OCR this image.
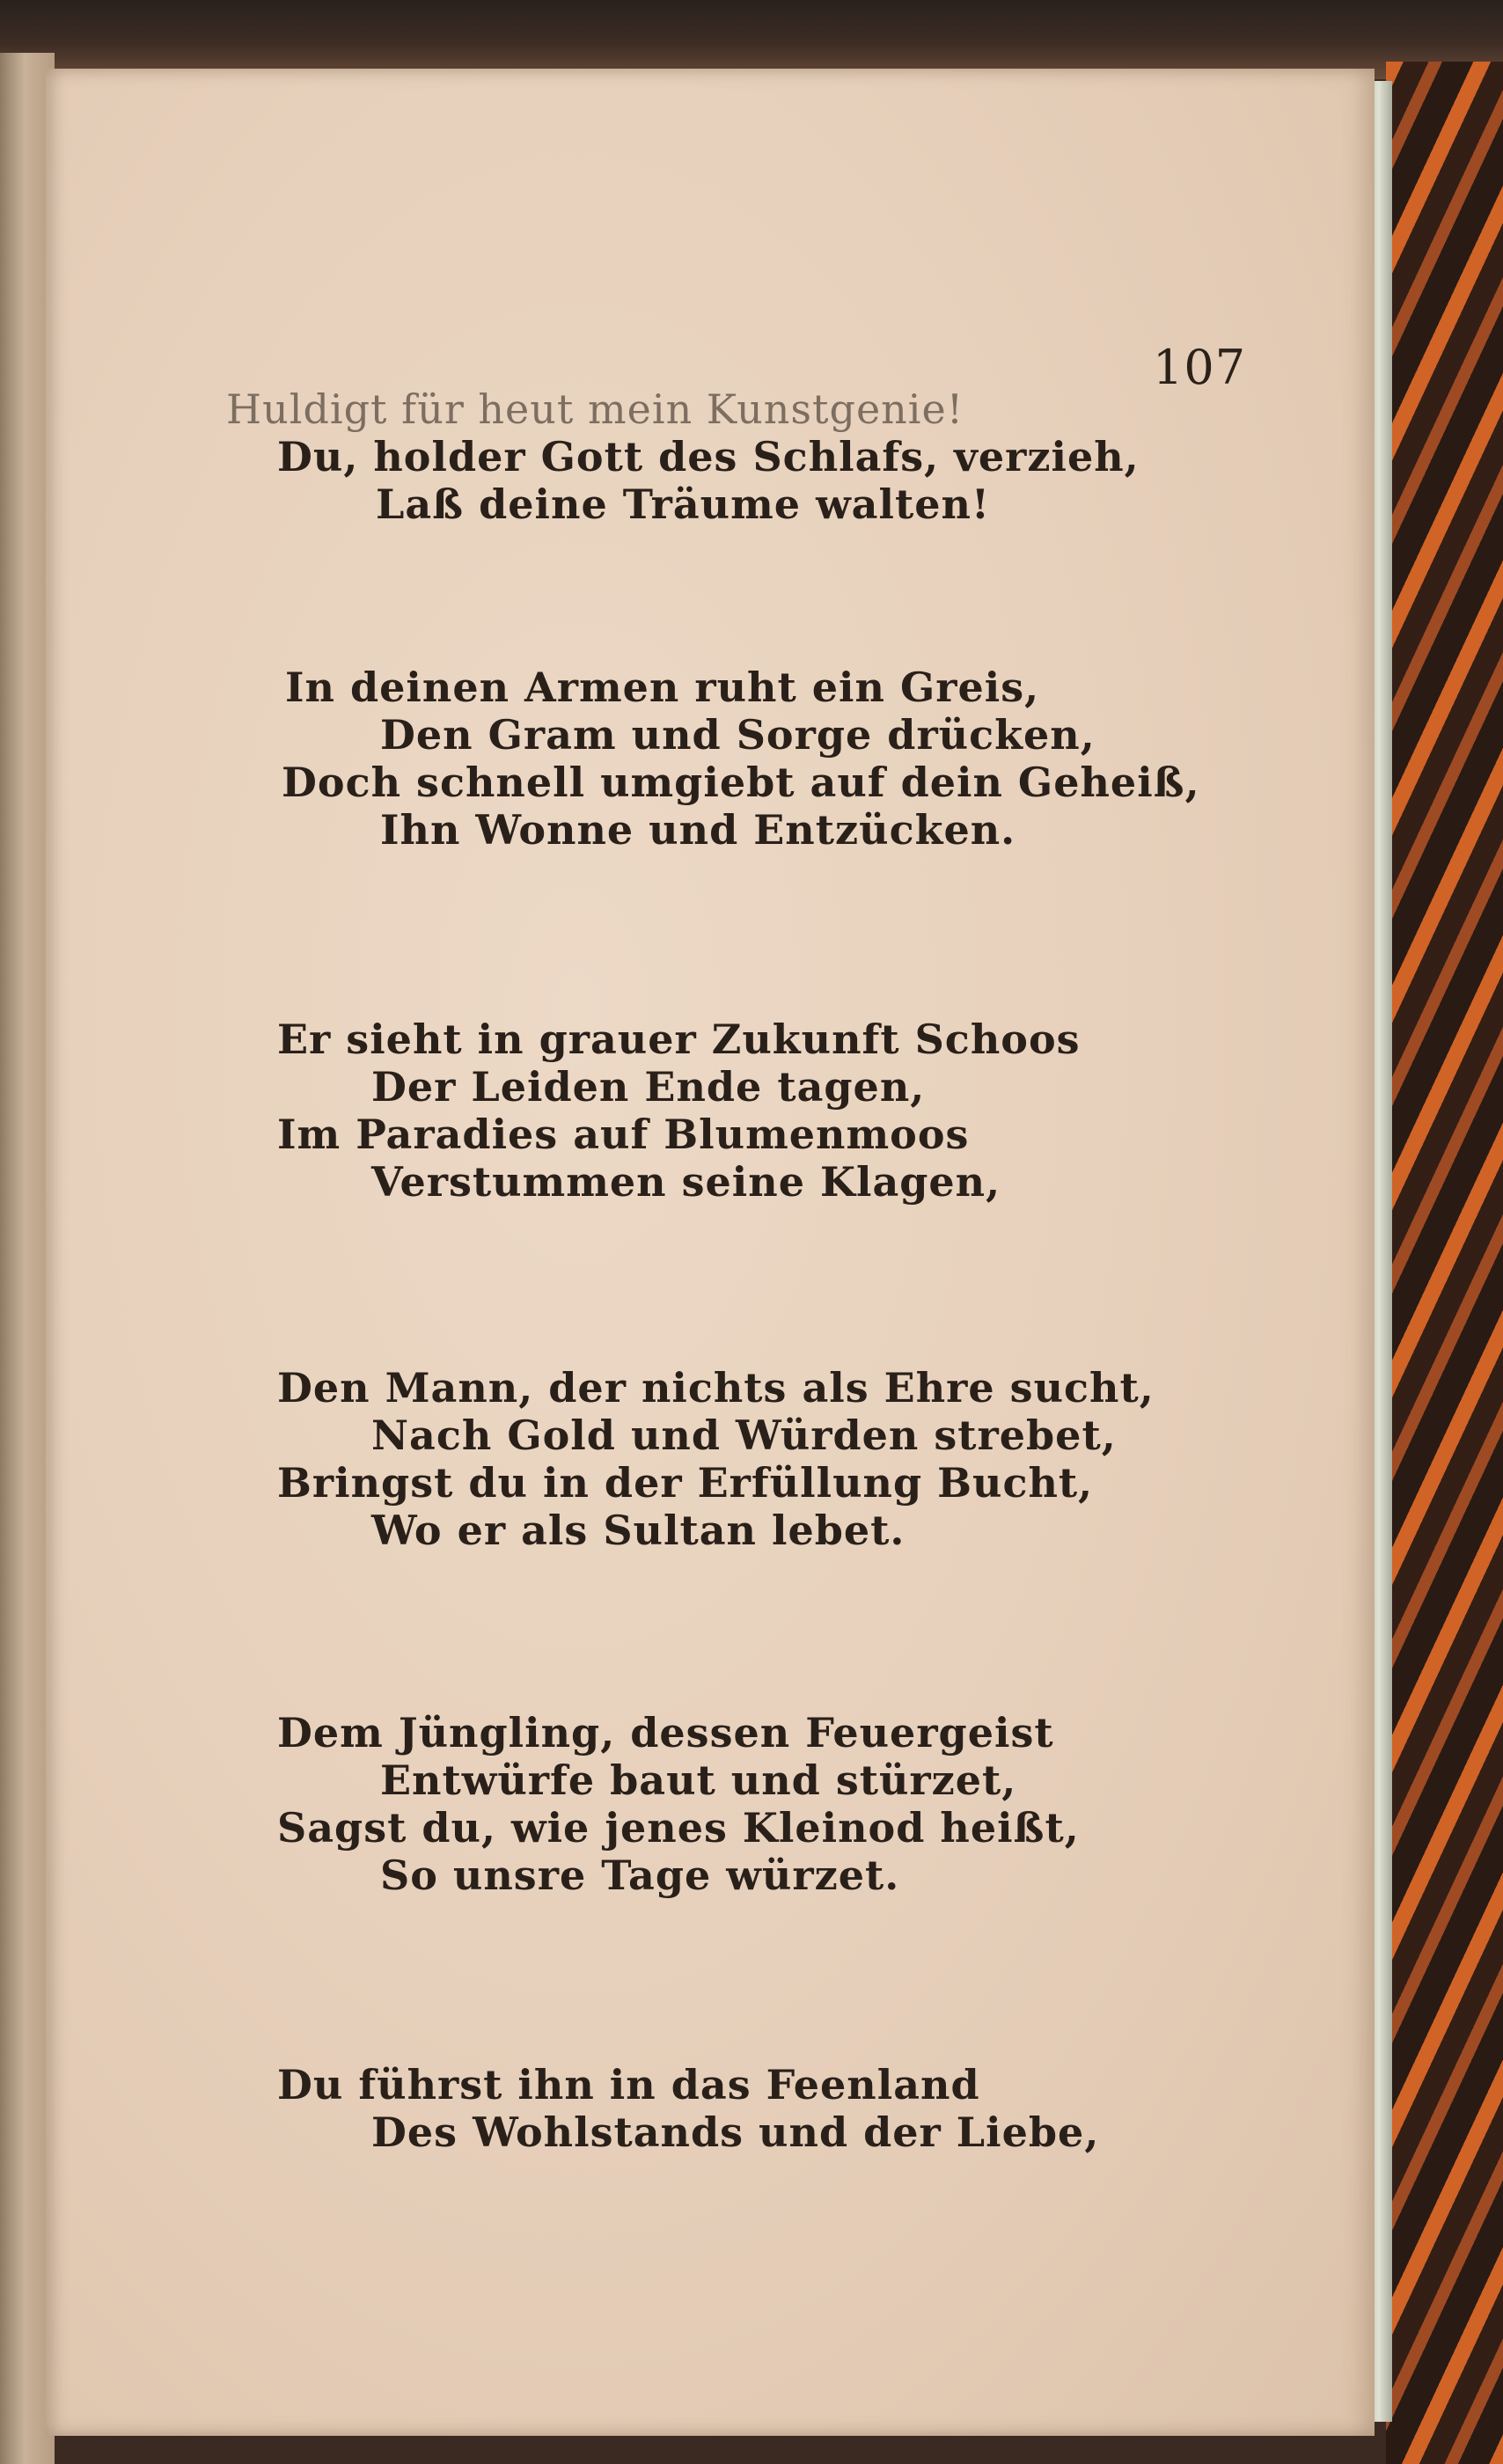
107
Huldigt für heut mein Kunstgenie!
Du, holder Gott des Schlafs, verzieh,
Laß deine Träume walten!
In deinen Armen ruht ein Greis,
Den Gram und Sorge drücken,
Doch schnell umgiebt auf dein Geheiß,
Ihn Wonne und Entzücken.
Er sieht in grauer Zukunft Schoos
Der Leiden Ende tagen,
Im Paradies auf Blumenmoos
Verstummen seine Klagen,
Den Mann, der nichts als Ehre sucht,
Nach Gold und Würden strebet,
Bringst du in der Erfüllung Bucht,
Wo er als Sultan lebet.
Dem Jüngling, dessen Feuergeist
Entwürfe baut und stürzet,
Sagst du, wie jenes Kleinod heißt,
So unsre Tage würzet.
Du führst ihn in das Feenland
Des Wohlstands und der Liebe,
